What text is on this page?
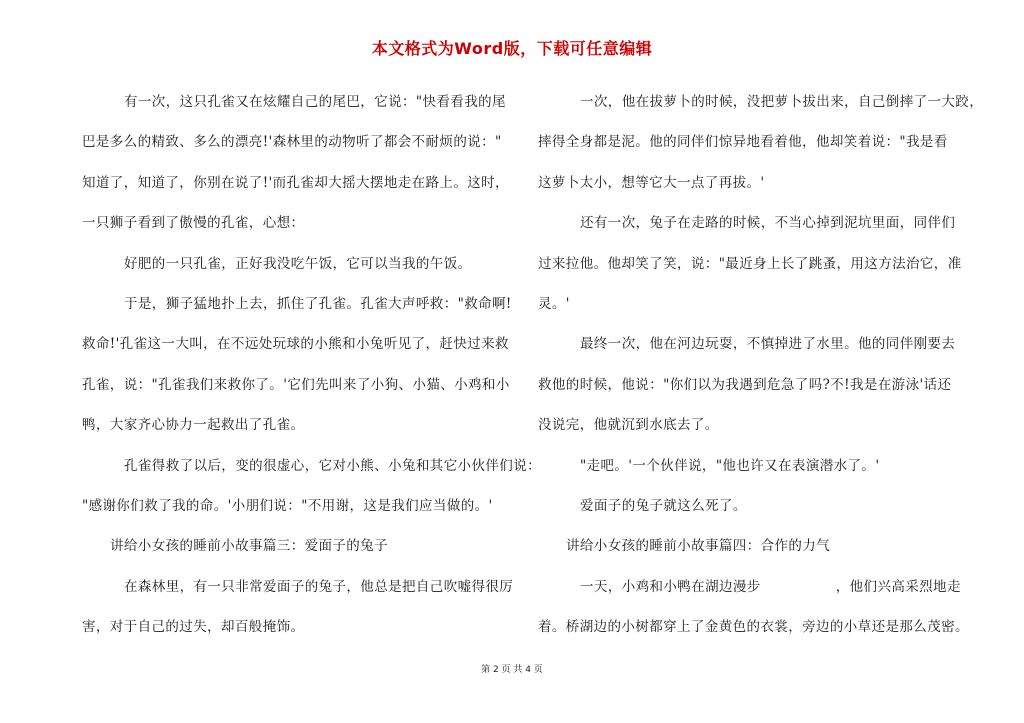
本文格式为Word版，下载可任意编辑

有一次，这只孔雀又在炫耀自己的尾巴，它说："快看看我的尾

巴是多么的精致、多么的漂亮!'森林里的动物听了都会不耐烦的说："

知道了，知道了，你别在说了!'而孔雀却大摇大摆地走在路上。这时，

一只狮子看到了傲慢的孔雀，心想：

好肥的一只孔雀，正好我没吃午饭，它可以当我的午饭。

于是，狮子猛地扑上去，抓住了孔雀。孔雀大声呼救："救命啊!

救命!'孔雀这一大叫，在不远处玩球的小熊和小兔听见了，赶快过来救

孔雀，说："孔雀我们来救你了。'它们先叫来了小狗、小猫、小鸡和小

鸭，大家齐心协力一起救出了孔雀。

孔雀得救了以后，变的很虚心，它对小熊、小兔和其它小伙伴们说：

"感谢你们救了我的命。'小朋们说："不用谢，这是我们应当做的。'

讲给小女孩的睡前小故事篇三：爱面子的兔子

在森林里，有一只非常爱面子的兔子，他总是把自己吹嘘得很厉

害，对于自己的过失，却百般掩饰。

一次，他在拔萝卜的时候，没把萝卜拔出来，自己倒摔了一大跤，

摔得全身都是泥。他的同伴们惊异地看着他，他却笑着说："我是看

这萝卜太小，想等它大一点了再拔。'

还有一次，兔子在走路的时候，不当心掉到泥坑里面，同伴们

过来拉他。他却笑了笑，说："最近身上长了跳蚤，用这方法治它，准

灵。'

最终一次，他在河边玩耍，不慎掉进了水里。他的同伴刚要去

救他的时候，他说："你们以为我遇到危急了吗?不!我是在游泳'话还

没说完，他就沉到水底去了。

"走吧。'一个伙伴说，"他也许又在表演潜水了。'

爱面子的兔子就这么死了。

讲给小女孩的睡前小故事篇四：合作的力气

一天，小鸡和小鸭在湖边漫步                ，他们兴高采烈地走

着。桥湖边的小树都穿上了金黄色的衣裳，旁边的小草还是那么茂密。

第 2 页 共 4 页
